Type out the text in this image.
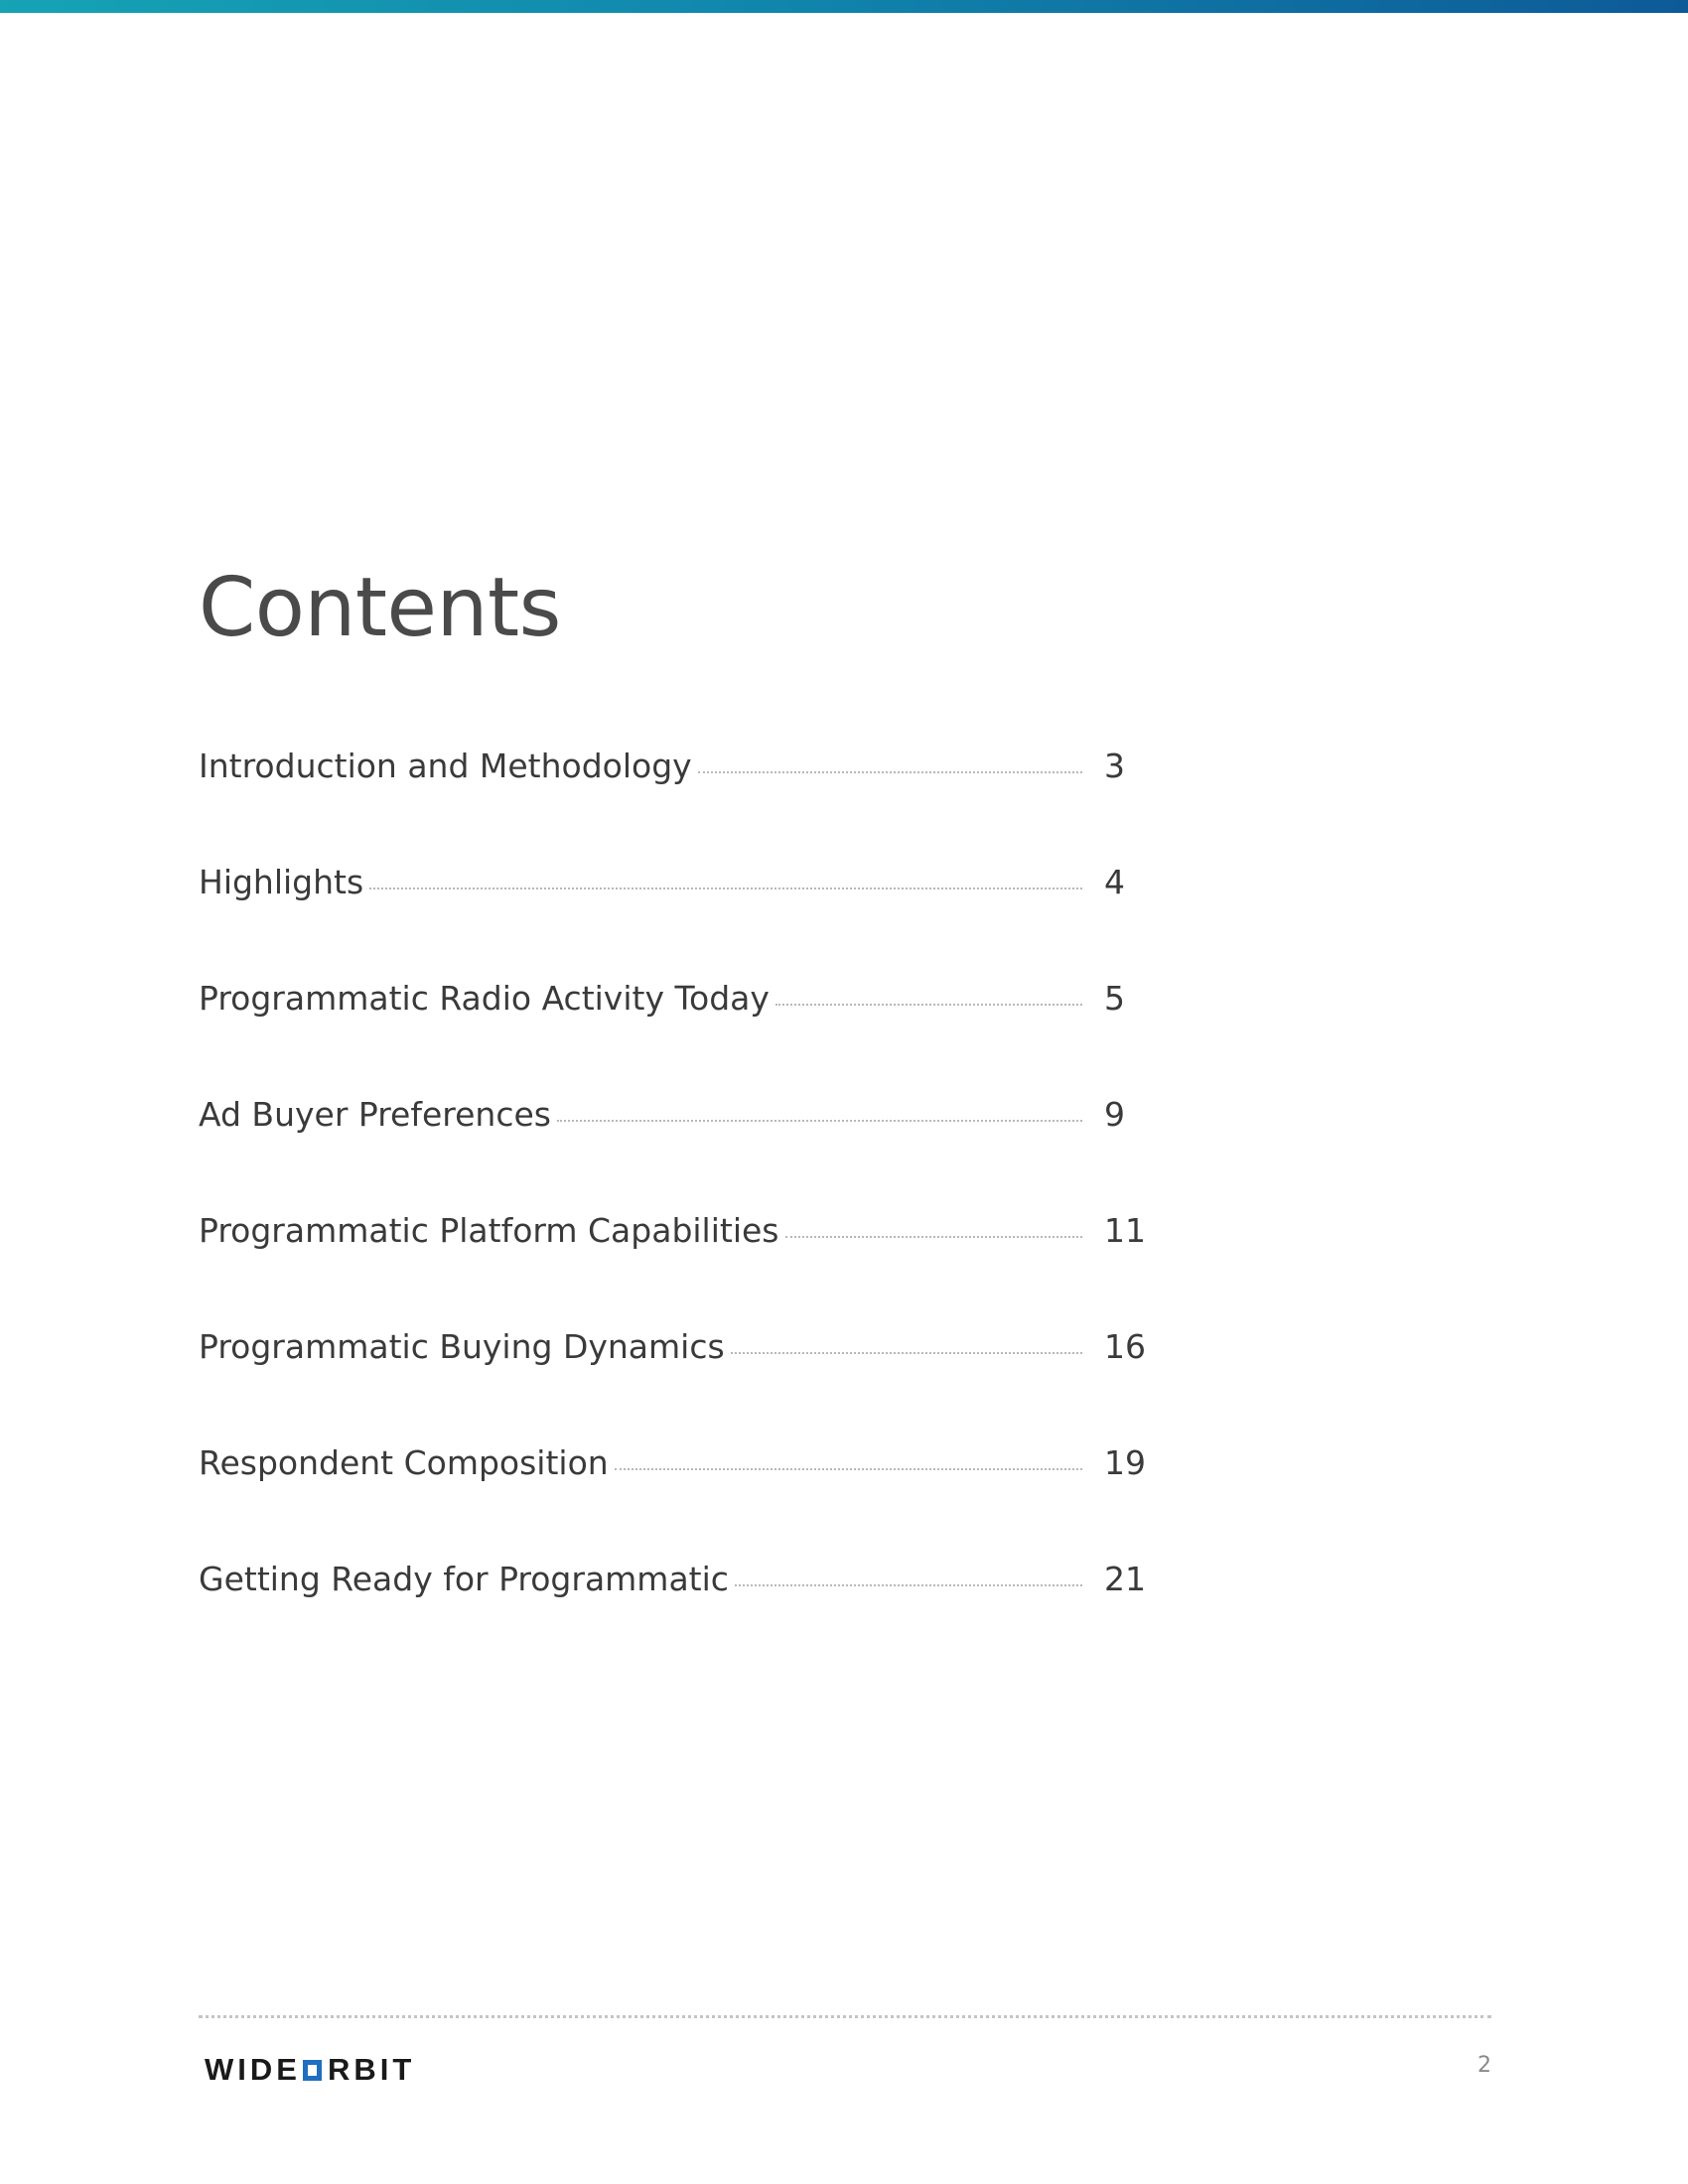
Contents
Introduction and Methodology	3
Highlights	4
Programmatic Radio Activity Today	5
Ad Buyer Preferences	9
Programmatic Platform Capabilities	11
Programmatic Buying Dynamics	16
Respondent Composition	19
Getting Ready for Programmatic	21
WIDE RBIT	2
